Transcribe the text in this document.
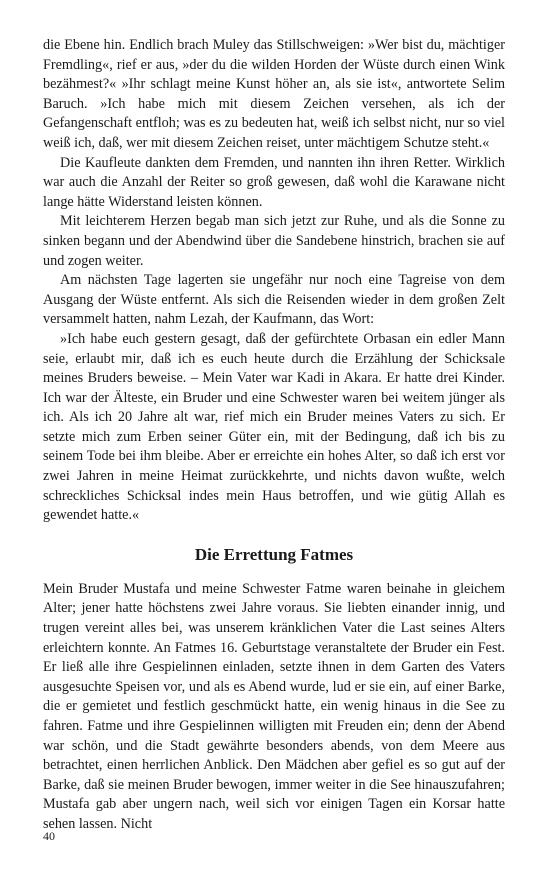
die Ebene hin. Endlich brach Muley das Stillschweigen: »Wer bist du, mächtiger Fremdling«, rief er aus, »der du die wilden Horden der Wüste durch einen Wink bezähmest?« »Ihr schlagt meine Kunst höher an, als sie ist«, antwortete Selim Baruch. »Ich habe mich mit diesem Zeichen versehen, als ich der Gefangenschaft entfloh; was es zu bedeuten hat, weiß ich selbst nicht, nur so viel weiß ich, daß, wer mit diesem Zeichen reiset, unter mächtigem Schutze steht.«

Die Kaufleute dankten dem Fremden, und nannten ihn ihren Retter. Wirklich war auch die Anzahl der Reiter so groß gewesen, daß wohl die Karawane nicht lange hätte Widerstand leisten können.

Mit leichterem Herzen begab man sich jetzt zur Ruhe, und als die Sonne zu sinken begann und der Abendwind über die Sandebene hinstrich, brachen sie auf und zogen weiter.

Am nächsten Tage lagerten sie ungefähr nur noch eine Tagreise von dem Ausgang der Wüste entfernt. Als sich die Reisenden wieder in dem großen Zelt versammelt hatten, nahm Lezah, der Kaufmann, das Wort:

»Ich habe euch gestern gesagt, daß der gefürchtete Orbasan ein edler Mann seie, erlaubt mir, daß ich es euch heute durch die Erzählung der Schicksale meines Bruders beweise. – Mein Vater war Kadi in Akara. Er hatte drei Kinder. Ich war der Älteste, ein Bruder und eine Schwester waren bei weitem jünger als ich. Als ich 20 Jahre alt war, rief mich ein Bruder meines Vaters zu sich. Er setzte mich zum Erben seiner Güter ein, mit der Bedingung, daß ich bis zu seinem Tode bei ihm bleibe. Aber er erreichte ein hohes Alter, so daß ich erst vor zwei Jahren in meine Heimat zurückkehrte, und nichts davon wußte, welch schreckliches Schicksal indes mein Haus betroffen, und wie gütig Allah es gewendet hatte.«

Die Errettung Fatmes

Mein Bruder Mustafa und meine Schwester Fatme waren beinahe in gleichem Alter; jener hatte höchstens zwei Jahre voraus. Sie liebten einander innig, und trugen vereint alles bei, was unserem kränklichen Vater die Last seines Alters erleichtern konnte. An Fatmes 16. Geburtstage veranstaltete der Bruder ein Fest. Er ließ alle ihre Gespielinnen einladen, setzte ihnen in dem Garten des Vaters ausgesuchte Speisen vor, und als es Abend wurde, lud er sie ein, auf einer Barke, die er gemietet und festlich geschmückt hatte, ein wenig hinaus in die See zu fahren. Fatme und ihre Gespielinnen willigten mit Freuden ein; denn der Abend war schön, und die Stadt gewährte besonders abends, von dem Meere aus betrachtet, einen herrlichen Anblick. Den Mädchen aber gefiel es so gut auf der Barke, daß sie meinen Bruder bewogen, immer weiter in die See hinauszufahren; Mustafa gab aber ungern nach, weil sich vor einigen Tagen ein Korsar hatte sehen lassen. Nicht

40
